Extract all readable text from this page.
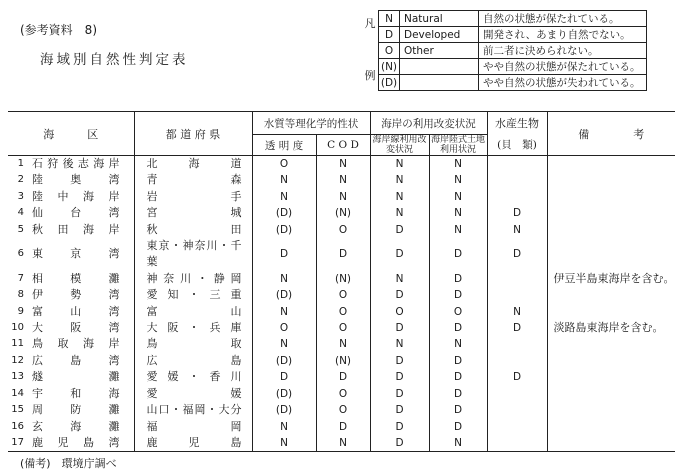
(参考資料　8)
海域別自然性判定表
凡	N	Natural	自然の状態が保たれている。
	D	Developed	開発され、あまり自然でない。
	O	Other	前二者に決められない。
例	(N)		やや自然の状態が保たれている。
	(D)		やや自然の状態が失われている。
海　　　区		都 道 府 県	水質等理化学的性状		海岸の利用改変状況		水産生物	備　　　　考
			透 明 度	C O D	海岸線利用改変状況	海岸陸式土地利用状況	(貝　類)	
1	石狩後志海岸	北　海　道	O	N	N	N		
2	陸奥湾	青森	N	N	N	N		
3	陸中海岸	岩手	N	N	N	N		
4	仙台湾	宮城	(D)	(N)	N	N	D	
5	秋田海岸	秋田	(D)	O	D	N	N	
6	東京湾	東京・神奈川・千葉	D	D	D	D	D	
7	相模灘	神奈川・静岡	N	(N)	N	D		伊豆半島東海岸を含む。
8	伊勢湾	愛知・三重	(D)	O	D	D		
9	富山湾	富山	N	O	O	O	N	
10	大阪湾	大阪・兵庫	O	O	D	D	D	淡路島東海岸を含む。
11	鳥取海岸	鳥取	N	N	N	N		
12	広島湾	広島	(D)	(N)	D	D		
13	燧灘	愛媛・香川	D	D	D	D	D	
14	宇和海	愛媛	(D)	O	D	D		
15	周防灘	山口・福岡・大分	(D)	O	D	D		
16	玄海灘	福岡	N	D	D	D		
17	鹿児島湾	鹿児島	N	N	D	N		
(備考)　環境庁調べ
